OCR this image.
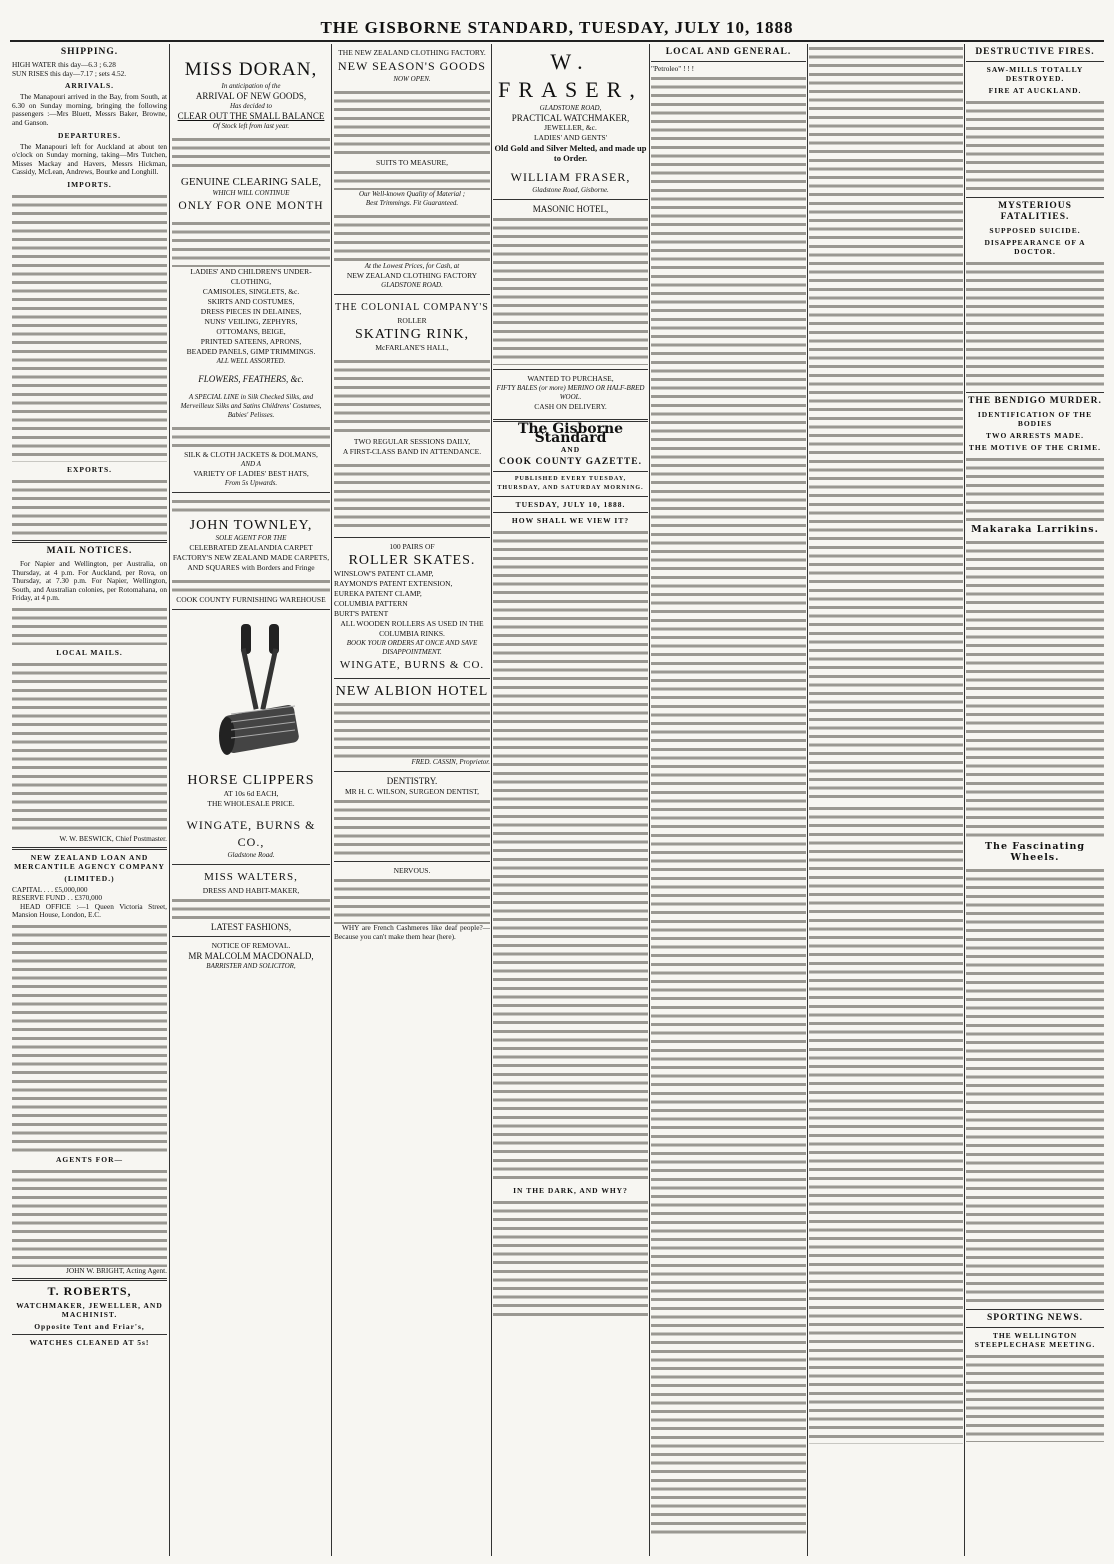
THE GISBORNE STANDARD, TUESDAY, JULY 10, 1888
SHIPPING.
HIGH WATER this day—6.3 ; 6.28
SUN RISES this day—7.17 ; sets 4.52.
ARRIVALS.
The Manapouri arrived in the Bay, from South, at 6.30 on Sunday morning, bringing the following passengers :—Mrs Bluett, Messrs Baker, Browne, and Ganson.
DEPARTURES.
The Manapouri left for Auckland at about ten o'clock on Sunday morning, taking—Mrs Tutchen, Misses Mackay and Havers, Messrs Hickman, Cassidy, McLean, Andrews, Bourke and Longhill.
IMPORTS.
EXPORTS.
MAIL NOTICES.
For Napier and Wellington, per Australia, on Thursday, at 4 p.m. For Auckland, per Rova, on Thursday, at 7.30 p.m. For Napier, Wellington, South, and Australian colonies, per Rotomahana, on Friday, at 4 p.m.
LOCAL MAILS.
W. W. BESWICK, Chief Postmaster.
NEW ZEALAND LOAN AND MERCANTILE AGENCY COMPANY
(LIMITED.)
CAPITAL . . . £5,000,000
RESERVE FUND . . £370,000
HEAD OFFICE :—1 Queen Victoria Street, Mansion House, London, E.C.
AGENTS FOR—
JOHN W. BRIGHT, Acting Agent.
T. ROBERTS,
WATCHMAKER, JEWELLER, AND MACHINIST.
Opposite Tent and Friar's,
WATCHES CLEANED AT 5s!
MISS DORAN,
In anticipation of the
ARRIVAL OF NEW GOODS,
Has decided to
CLEAR OUT THE SMALL BALANCE
Of Stock left from last year.
GENUINE CLEARING SALE,
WHICH WILL CONTINUE
ONLY FOR ONE MONTH
LADIES' AND CHILDREN'S UNDER-CLOTHING,
CAMISOLES, SINGLETS, &c.
SKIRTS AND COSTUMES,
DRESS PIECES IN DELAINES,
NUNS' VEILING, ZEPHYRS,
OTTOMANS, BEIGE,
PRINTED SATEENS, APRONS,
BEADED PANELS, GIMP TRIMMINGS.
ALL WELL ASSORTED.
FLOWERS, FEATHERS, &c.
A SPECIAL LINE in Silk Checked Silks, and Merveilleux Silks and Satins Childrens' Costumes, Babies' Pelisses.
SILK & CLOTH JACKETS & DOLMANS,
AND A
VARIETY OF LADIES' BEST HATS,
From 5s Upwards.
JOHN TOWNLEY,
SOLE AGENT FOR THE
CELEBRATED ZEALANDIA CARPET FACTORY'S NEW ZEALAND MADE CARPETS, AND SQUARES with Borders and Fringe
COOK COUNTY FURNISHING WAREHOUSE
HORSE CLIPPERS
AT 10s 6d EACH,
THE WHOLESALE PRICE.
WINGATE, BURNS & CO.,
Gladstone Road.
MISS WALTERS,
DRESS AND HABIT-MAKER,
LATEST FASHIONS,
NOTICE OF REMOVAL.
MR MALCOLM MACDONALD,
BARRISTER AND SOLICITOR,
THE NEW ZEALAND CLOTHING FACTORY.
NEW SEASON'S GOODS
NOW OPEN.
SUITS TO MEASURE,
Our Well-known Quality of Material ;
Best Trimmings. Fit Guaranteed.
At the Lowest Prices, for Cash, at
NEW ZEALAND CLOTHING FACTORY
GLADSTONE ROAD.
THE COLONIAL COMPANY'S
ROLLER
SKATING RINK,
McFARLANE'S HALL,
TWO REGULAR SESSIONS DAILY,
A FIRST-CLASS BAND IN ATTENDANCE.
100 PAIRS OF
ROLLER SKATES.
WINSLOW'S PATENT CLAMP,
RAYMOND'S PATENT EXTENSION,
EUREKA PATENT CLAMP,
COLUMBIA PATTERN
BURT'S PATENT
ALL WOODEN ROLLERS AS USED IN THE COLUMBIA RINKS.
BOOK YOUR ORDERS AT ONCE AND SAVE DISAPPOINTMENT.
WINGATE, BURNS & CO.
NEW ALBION HOTEL
FRED. CASSIN, Proprietor.
DENTISTRY.
MR H. C. WILSON, SURGEON DENTIST,
NERVOUS.
WHY are French Cashmeres like deaf people?—Because you can't make them hear (here).
W. FRASER,
GLADSTONE ROAD,
PRACTICAL WATCHMAKER,
JEWELLER, &c.
LADIES' AND GENTS'
Old Gold and Silver Melted, and made up to Order.
WILLIAM FRASER,
Gladstone Road, Gisborne.
MASONIC HOTEL,
WANTED TO PURCHASE,
FIFTY BALES (or more) MERINO OR HALF-BRED WOOL.
CASH ON DELIVERY.
The Gisborne Standard
AND
COOK COUNTY GAZETTE.
PUBLISHED EVERY TUESDAY, THURSDAY, AND SATURDAY MORNING.
TUESDAY, JULY 10, 1888.
HOW SHALL WE VIEW IT?
IN THE DARK, AND WHY?
LOCAL AND GENERAL.
"Petroleo" ! ! !
DESTRUCTIVE FIRES.
SAW-MILLS TOTALLY DESTROYED.
FIRE AT AUCKLAND.
MYSTERIOUS FATALITIES.
SUPPOSED SUICIDE.
DISAPPEARANCE OF A DOCTOR.
THE BENDIGO MURDER.
IDENTIFICATION OF THE BODIES
TWO ARRESTS MADE.
THE MOTIVE OF THE CRIME.
Makaraka Larrikins.
The Fascinating Wheels.
SPORTING NEWS.
THE WELLINGTON STEEPLECHASE MEETING.
